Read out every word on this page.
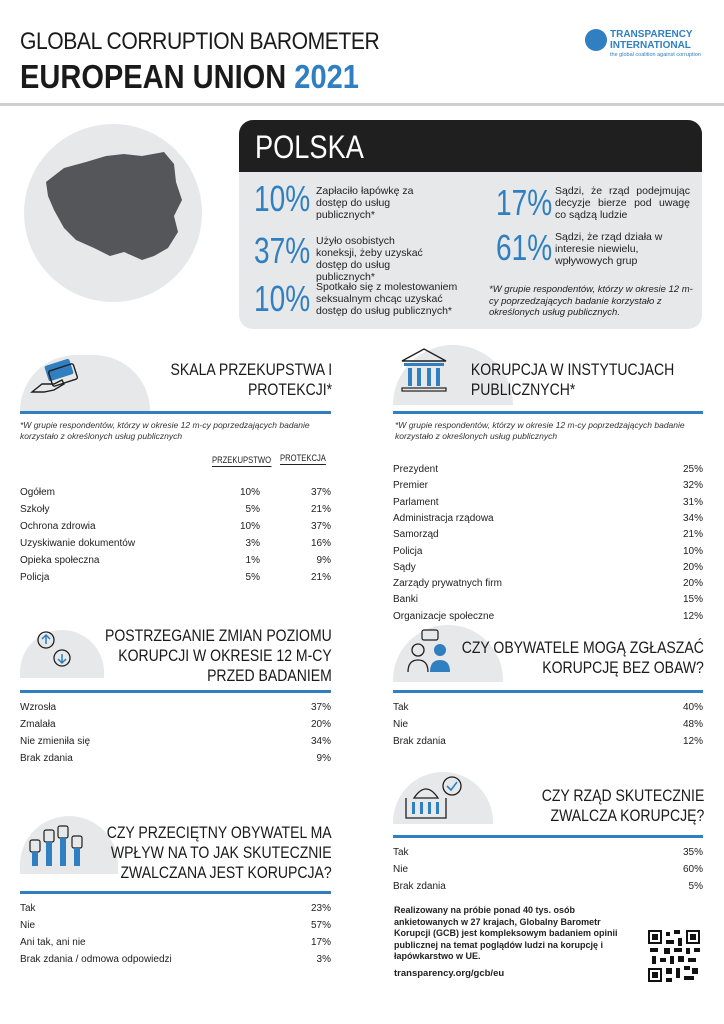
GLOBAL CORRUPTION BAROMETER
EUROPEAN UNION 2021
TRANSPARENCY
INTERNATIONAL
the global coalition against corruption
POLSKA
10% Zapłaciło łapówkę za dostęp do usług publicznych*
37% Użyło osobistych koneksji, żeby uzyskać dostęp do usług publicznych*
10% Spotkało się z molestowaniem seksualnym chcąc uzyskać dostęp do usług publicznych*
17% Sądzi, że rząd podejmując decyzje bierze pod uwagę co sądzą ludzie
61% Sądzi, że rząd działa w interesie niewielu, wpływowych grup
*W grupie respondentów, którzy w okresie 12 m-cy poprzedzających badanie korzystało z określonych usług publicznych.
SKALA PRZEKUPSTWA I
PROTEKCJI*
*W grupie respondentów, którzy w okresie 12 m-cy poprzedzających badanie korzystało z określonych usług publicznych
PRZEKUPSTWO PROTEKCJA
Ogółem	10%	37%
Szkoły	5%	21%
Ochrona zdrowia	10%	37%
Uzyskiwanie dokumentów	3%	16%
Opieka społeczna	1%	9%
Policja	5%	21%
KORUPCJA W INSTYTUCJACH
PUBLICZNYCH*
*W grupie respondentów, którzy w okresie 12 m-cy poprzedzających badanie korzystało z określonych usług publicznych
Prezydent	25%
Premier	32%
Parlament	31%
Administracja rządowa	34%
Samorząd	21%
Policja	10%
Sądy	20%
Zarządy prywatnych firm	20%
Banki	15%
Organizacje społeczne	12%
POSTRZEGANIE ZMIAN POZIOMU
KORUPCJI W OKRESIE 12 M-CY
PRZED BADANIEM
Wzrosła	37%
Zmalała	20%
Nie zmieniła się	34%
Brak zdania	9%
CZY OBYWATELE MOGĄ ZGŁASZAĆ
KORUPCJĘ BEZ OBAW?
Tak	40%
Nie	48%
Brak zdania	12%
CZY RZĄD SKUTECZNIE
ZWALCZA KORUPCJĘ?
Tak	35%
Nie	60%
Brak zdania	5%
CZY PRZECIĘTNY OBYWATEL MA
WPŁYW NA TO JAK SKUTECZNIE
ZWALCZANA JEST KORUPCJA?
Tak	23%
Nie	57%
Ani tak, ani nie	17%
Brak zdania / odmowa odpowiedzi	3%
Realizowany na próbie ponad 40 tys. osób ankietowanych w 27 krajach, Globalny Barometr Korupcji (GCB) jest kompleksowym badaniem opinii publicznej na temat poglądów ludzi na korupcję i łapówkarstwo w UE.
transparency.org/gcb/eu
